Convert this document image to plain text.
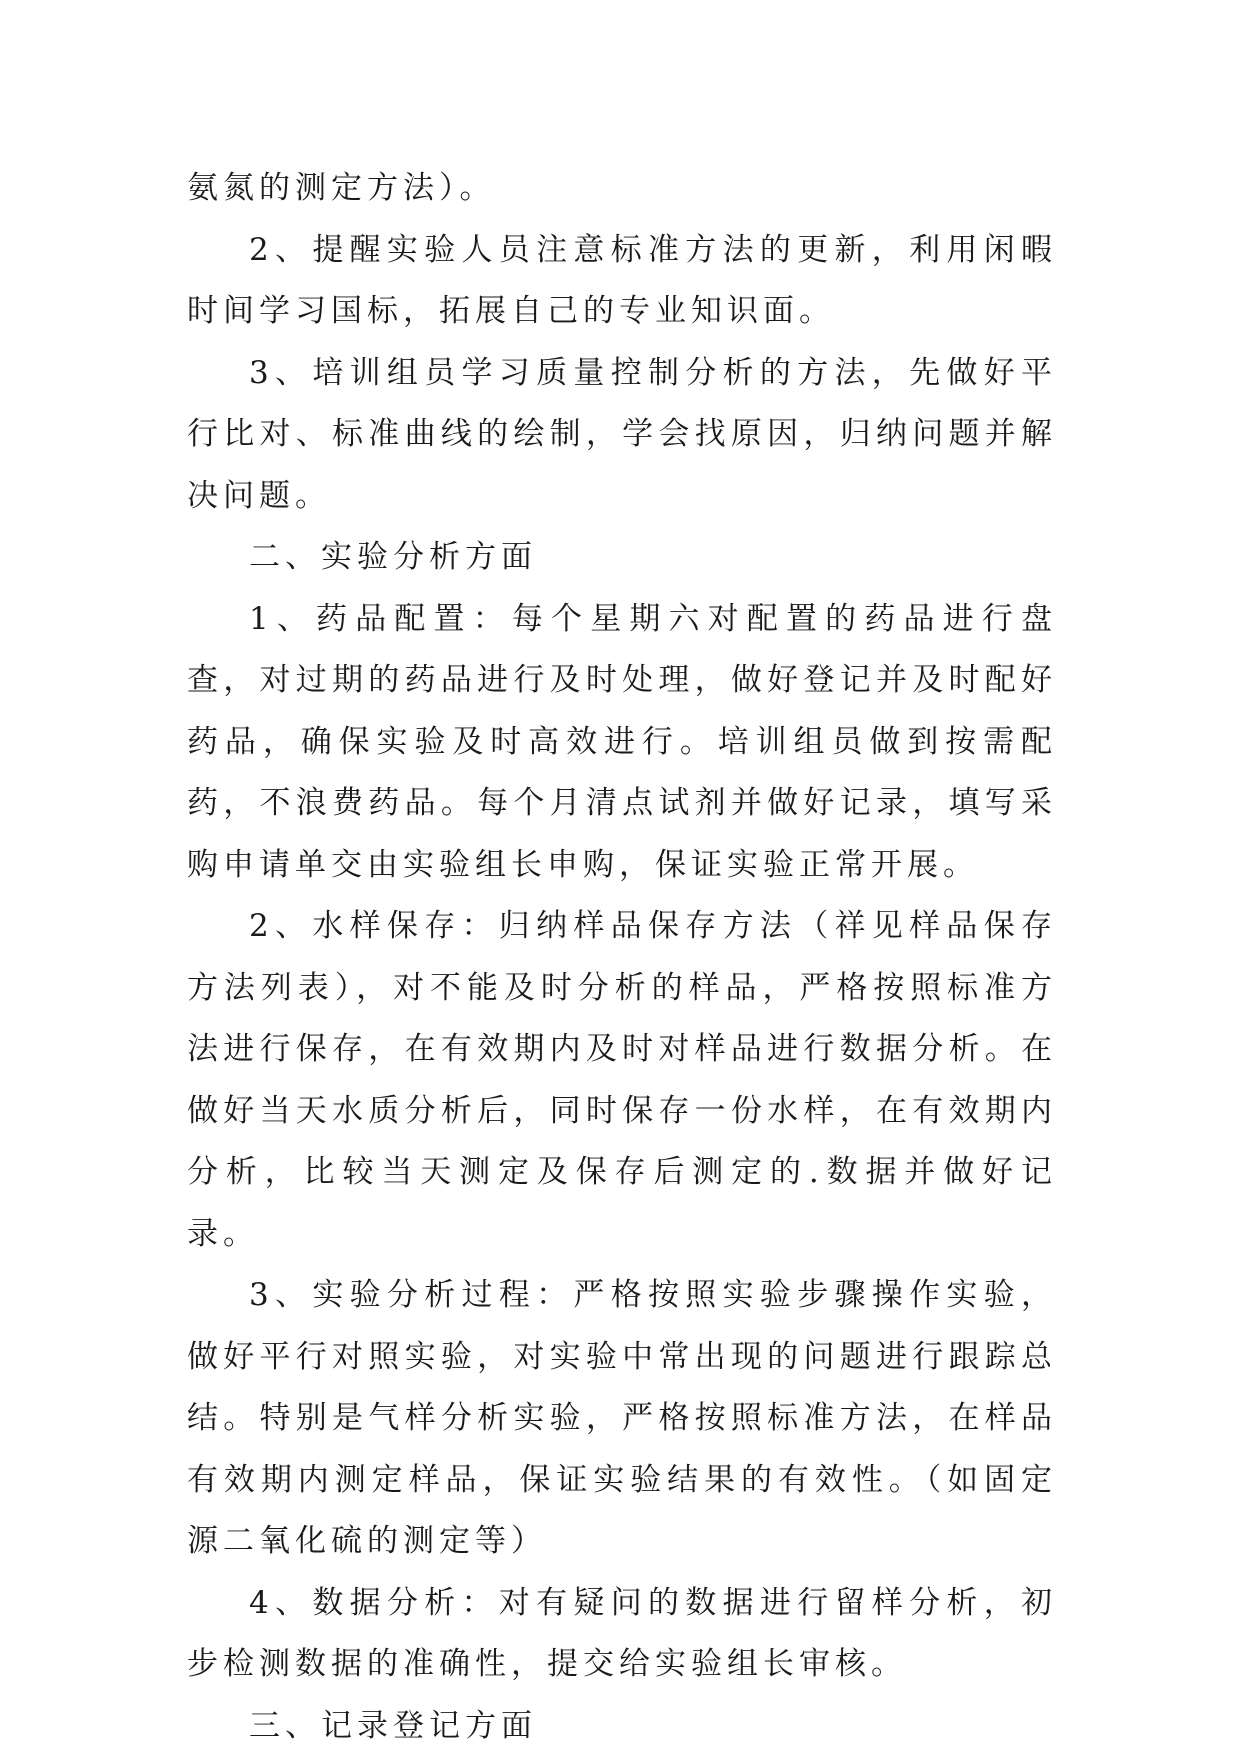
氨氮的测定方法）。

2、提醒实验人员注意标准方法的更新，利用闲暇时间学习国标，拓展自己的专业知识面。

3、培训组员学习质量控制分析的方法，先做好平行比对、标准曲线的绘制，学会找原因，归纳问题并解决问题。

二、实验分析方面

1、药品配置：每个星期六对配置的药品进行盘查，对过期的药品进行及时处理，做好登记并及时配好药品，确保实验及时高效进行。培训组员做到按需配药，不浪费药品。每个月清点试剂并做好记录，填写采购申请单交由实验组长申购，保证实验正常开展。

2、水样保存：归纳样品保存方法（祥见样品保存方法列表），对不能及时分析的样品，严格按照标准方法进行保存，在有效期内及时对样品进行数据分析。在做好当天水质分析后，同时保存一份水样，在有效期内分析，比较当天测定及保存后测定的.数据并做好记录。

3、实验分析过程：严格按照实验步骤操作实验，做好平行对照实验，对实验中常出现的问题进行跟踪总结。特别是气样分析实验，严格按照标准方法，在样品有效期内测定样品，保证实验结果的有效性。（如固定源二氧化硫的测定等）

4、数据分析：对有疑问的数据进行留样分析，初步检测数据的准确性，提交给实验组长审核。

三、记录登记方面
